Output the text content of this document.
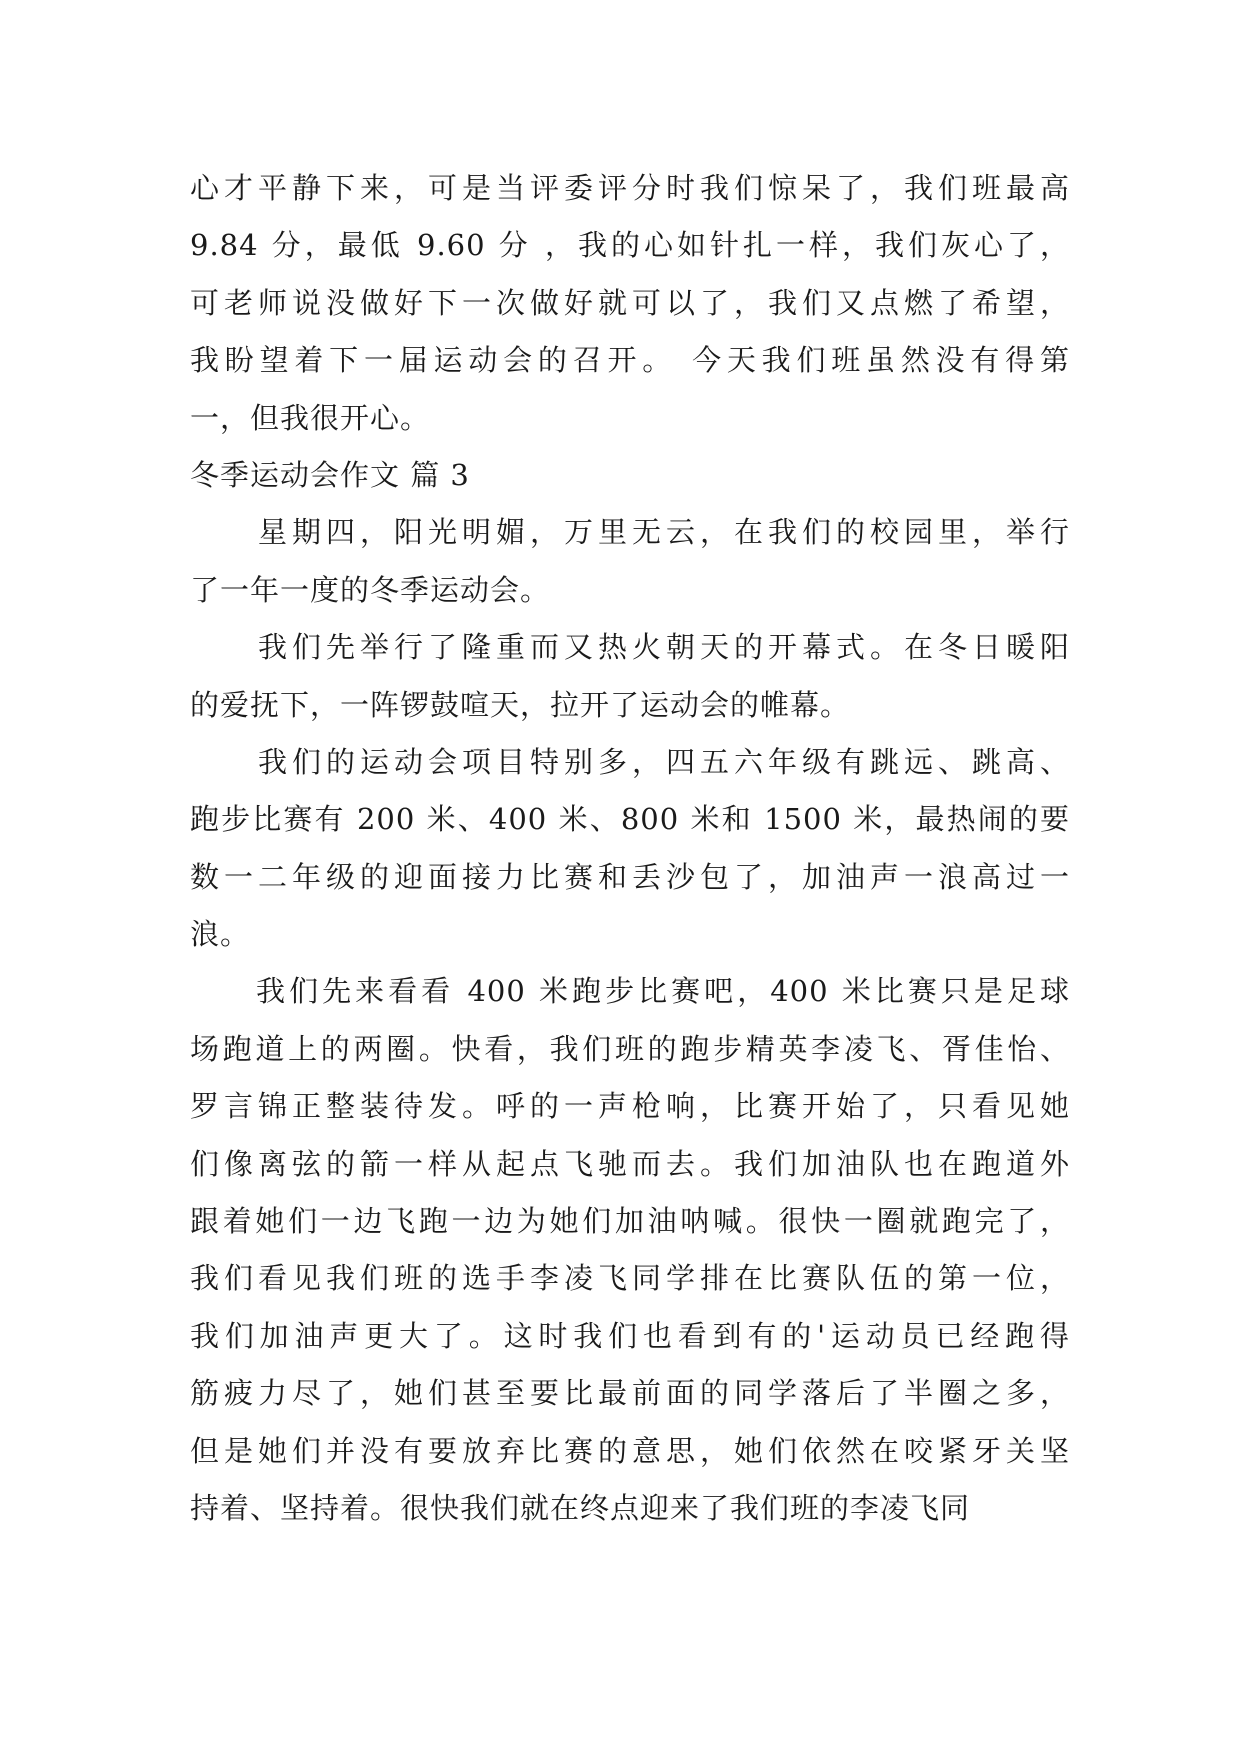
心才平静下来，可是当评委评分时我们惊呆了，我们班最高
9.84 分，最低 9.60 分 ，我的心如针扎一样，我们灰心了，
可老师说没做好下一次做好就可以了，我们又点燃了希望，
我盼望着下一届运动会的召开。 今天我们班虽然没有得第
一，但我很开心。
冬季运动会作文 篇 3
　　星期四，阳光明媚，万里无云，在我们的校园里，举行
了一年一度的冬季运动会。
　　我们先举行了隆重而又热火朝天的开幕式。在冬日暖阳
的爱抚下，一阵锣鼓喧天，拉开了运动会的帷幕。
　　我们的运动会项目特别多，四五六年级有跳远、跳高、
跑步比赛有 200 米、400 米、800 米和 1500 米，最热闹的要
数一二年级的迎面接力比赛和丢沙包了，加油声一浪高过一
浪。
　　我们先来看看 400 米跑步比赛吧，400 米比赛只是足球
场跑道上的两圈。快看，我们班的跑步精英李凌飞、胥佳怡、
罗言锦正整装待发。呼的一声枪响，比赛开始了，只看见她
们像离弦的箭一样从起点飞驰而去。我们加油队也在跑道外
跟着她们一边飞跑一边为她们加油呐喊。很快一圈就跑完了，
我们看见我们班的选手李凌飞同学排在比赛队伍的第一位，
我们加油声更大了。这时我们也看到有的'运动员已经跑得
筋疲力尽了，她们甚至要比最前面的同学落后了半圈之多，
但是她们并没有要放弃比赛的意思，她们依然在咬紧牙关坚
持着、坚持着。很快我们就在终点迎来了我们班的李凌飞同
